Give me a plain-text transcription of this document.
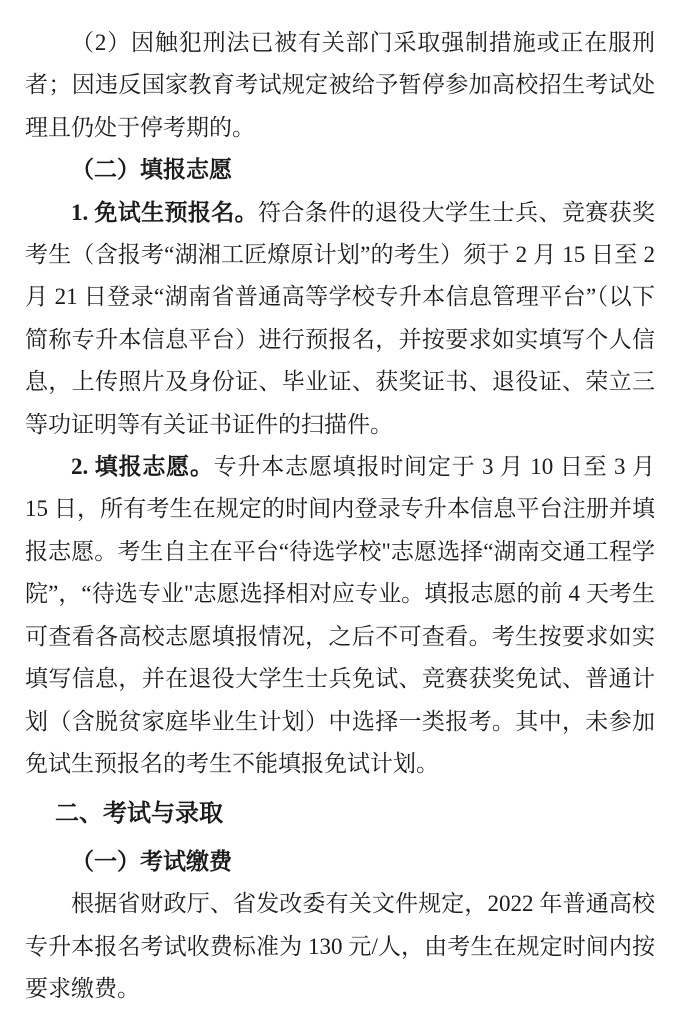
（2）因触犯刑法已被有关部门采取强制措施或正在服刑者；因违反国家教育考试规定被给予暂停参加高校招生考试处理且仍处于停考期的。

（二）填报志愿

1. 免试生预报名。符合条件的退役大学生士兵、竞赛获奖考生（含报考“湖湘工匠燎原计划”的考生）须于 2 月 15 日至 2 月 21 日登录“湖南省普通高等学校专升本信息管理平台”（以下简称专升本信息平台）进行预报名，并按要求如实填写个人信息，上传照片及身份证、毕业证、获奖证书、退役证、荣立三等功证明等有关证书证件的扫描件。

2. 填报志愿。专升本志愿填报时间定于 3 月 10 日至 3 月 15 日，所有考生在规定的时间内登录专升本信息平台注册并填报志愿。考生自主在平台“待选学校"志愿选择“湖南交通工程学院”，“待选专业"志愿选择相对应专业。填报志愿的前 4 天考生可查看各高校志愿填报情况，之后不可查看。考生按要求如实填写信息，并在退役大学生士兵免试、竞赛获奖免试、普通计划（含脱贫家庭毕业生计划）中选择一类报考。其中，未参加免试生预报名的考生不能填报免试计划。

二、考试与录取

（一）考试缴费

根据省财政厅、省发改委有关文件规定，2022 年普通高校专升本报名考试收费标准为 130 元/人，由考生在规定时间内按要求缴费。
